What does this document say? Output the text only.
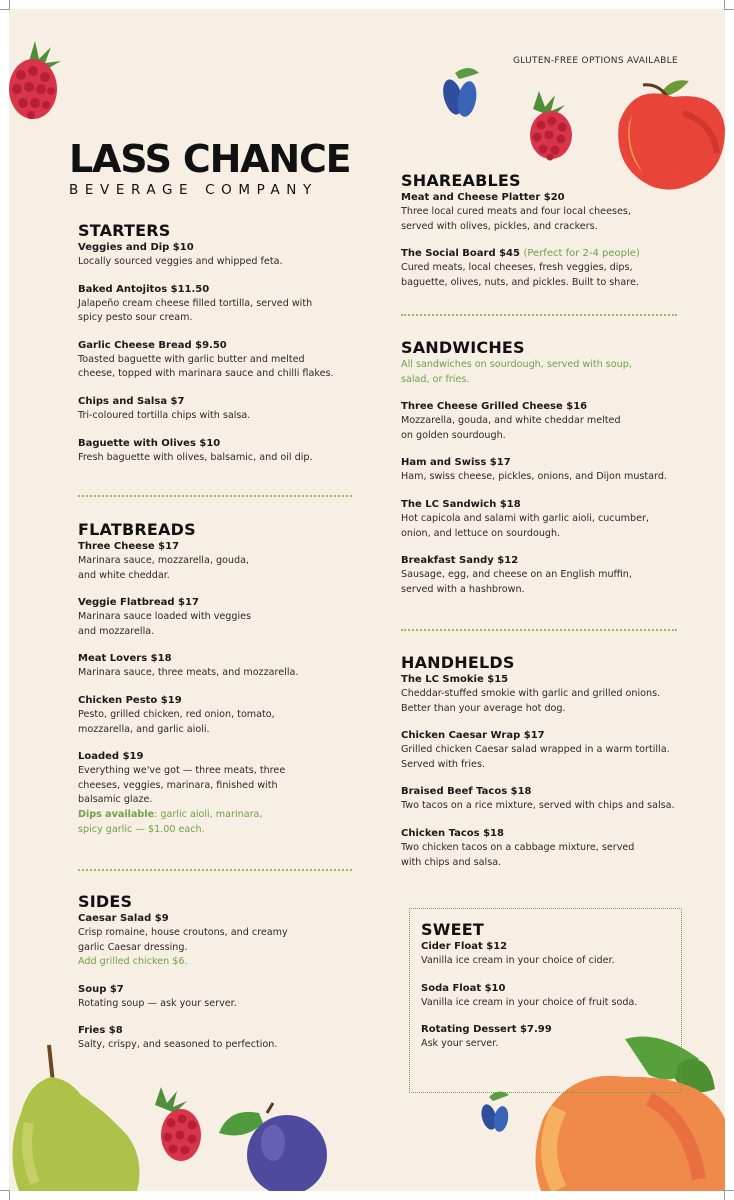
GLUTEN-FREE OPTIONS AVAILABLE
LASS CHANCE
BEVERAGE COMPANY
STARTERS
Veggies and Dip $10
Locally sourced veggies and whipped feta.
Baked Antojitos $11.50
Jalapeño cream cheese filled tortilla, served with
spicy pesto sour cream.
Garlic Cheese Bread $9.50
Toasted baguette with garlic butter and melted
cheese, topped with marinara sauce and chilli flakes.
Chips and Salsa $7
Tri-coloured tortilla chips with salsa.
Baguette with Olives $10
Fresh baguette with olives, balsamic, and oil dip.
FLATBREADS
Three Cheese $17
Marinara sauce, mozzarella, gouda,
and white cheddar.
Veggie Flatbread $17
Marinara sauce loaded with veggies
and mozzarella.
Meat Lovers $18
Marinara sauce, three meats, and mozzarella.
Chicken Pesto $19
Pesto, grilled chicken, red onion, tomato,
mozzarella, and garlic aioli.
Loaded $19
Everything we've got — three meats, three
cheeses, veggies, marinara, finished with
balsamic glaze.
Dips available: garlic aioli, marinara,
spicy garlic — $1.00 each.
SIDES
Caesar Salad $9
Crisp romaine, house croutons, and creamy
garlic Caesar dressing.
Add grilled chicken $6.
Soup $7
Rotating soup — ask your server.
Fries $8
Salty, crispy, and seasoned to perfection.
SHAREABLES
Meat and Cheese Platter $20
Three local cured meats and four local cheeses,
served with olives, pickles, and crackers.
The Social Board $45 (Perfect for 2-4 people)
Cured meats, local cheeses, fresh veggies, dips,
baguette, olives, nuts, and pickles. Built to share.
SANDWICHES
All sandwiches on sourdough, served with soup,
salad, or fries.
Three Cheese Grilled Cheese $16
Mozzarella, gouda, and white cheddar melted
on golden sourdough.
Ham and Swiss $17
Ham, swiss cheese, pickles, onions, and Dijon mustard.
The LC Sandwich $18
Hot capicola and salami with garlic aioli, cucumber,
onion, and lettuce on sourdough.
Breakfast Sandy $12
Sausage, egg, and cheese on an English muffin,
served with a hashbrown.
HANDHELDS
The LC Smokie $15
Cheddar-stuffed smokie with garlic and grilled onions.
Better than your average hot dog.
Chicken Caesar Wrap $17
Grilled chicken Caesar salad wrapped in a warm tortilla.
Served with fries.
Braised Beef Tacos $18
Two tacos on a rice mixture, served with chips and salsa.
Chicken Tacos $18
Two chicken tacos on a cabbage mixture, served
with chips and salsa.
SWEET
Cider Float $12
Vanilla ice cream in your choice of cider.
Soda Float $10
Vanilla ice cream in your choice of fruit soda.
Rotating Dessert $7.99
Ask your server.
